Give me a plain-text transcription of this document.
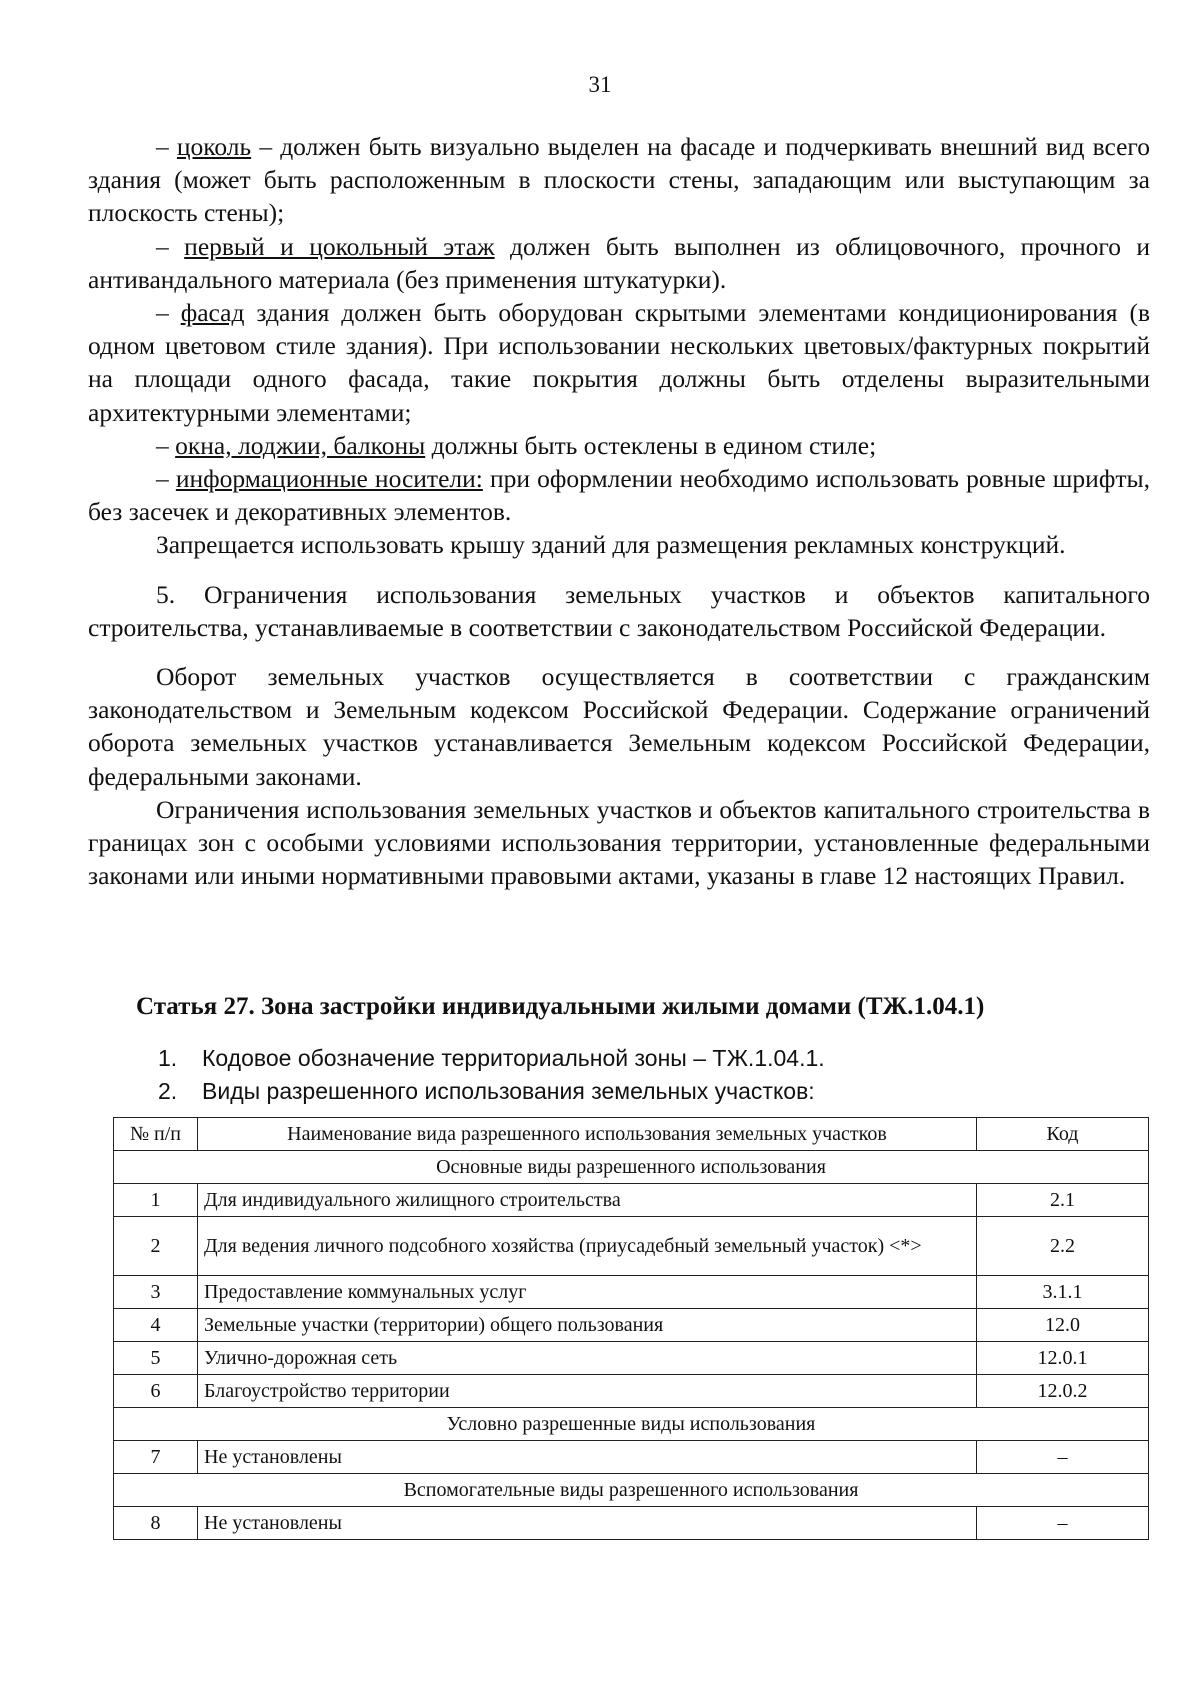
31

– цоколь – должен быть визуально выделен на фасаде и подчеркивать внешний вид всего здания (может быть расположенным в плоскости стены, западающим или выступающим за плоскость стены);

– первый и цокольный этаж должен быть выполнен из облицовочного, прочного и антивандального материала (без применения штукатурки).

– фасад здания должен быть оборудован скрытыми элементами кондиционирования (в одном цветовом стиле здания). При использовании нескольких цветовых/фактурных покрытий на площади одного фасада, такие покрытия должны быть отделены выразительными архитектурными элементами;

– окна, лоджии, балконы должны быть остеклены в едином стиле;

– информационные носители: при оформлении необходимо использовать ровные шрифты, без засечек и декоративных элементов.

Запрещается использовать крышу зданий для размещения рекламных конструкций.

5. Ограничения использования земельных участков и объектов капитального строительства, устанавливаемые в соответствии с законодательством Российской Федерации.

Оборот земельных участков осуществляется в соответствии с гражданским законодательством и Земельным кодексом Российской Федерации. Содержание ограничений оборота земельных участков устанавливается Земельным кодексом Российской Федерации, федеральными законами.

Ограничения использования земельных участков и объектов капитального строительства в границах зон с особыми условиями использования территории, установленные федеральными законами или иными нормативными правовыми актами, указаны в главе 12 настоящих Правил.

Статья 27. Зона застройки индивидуальными жилыми домами (ТЖ.1.04.1)
1. Кодовое обозначение территориальной зоны – ТЖ.1.04.1.
2. Виды разрешенного использования земельных участков:
№ п/п	Наименование вида разрешенного использования земельных участков	Код
Основные виды разрешенного использования		
1	Для индивидуального жилищного строительства	2.1
2	Для ведения личного подсобного хозяйства (приусадебный земельный участок) <*>	2.2
3	Предоставление коммунальных услуг	3.1.1
4	Земельные участки (территории) общего пользования	12.0
5	Улично-дорожная сеть	12.0.1
6	Благоустройство территории	12.0.2
Условно разрешенные виды использования		
7	Не установлены	–
Вспомогательные виды разрешенного использования		
8	Не установлены	–
